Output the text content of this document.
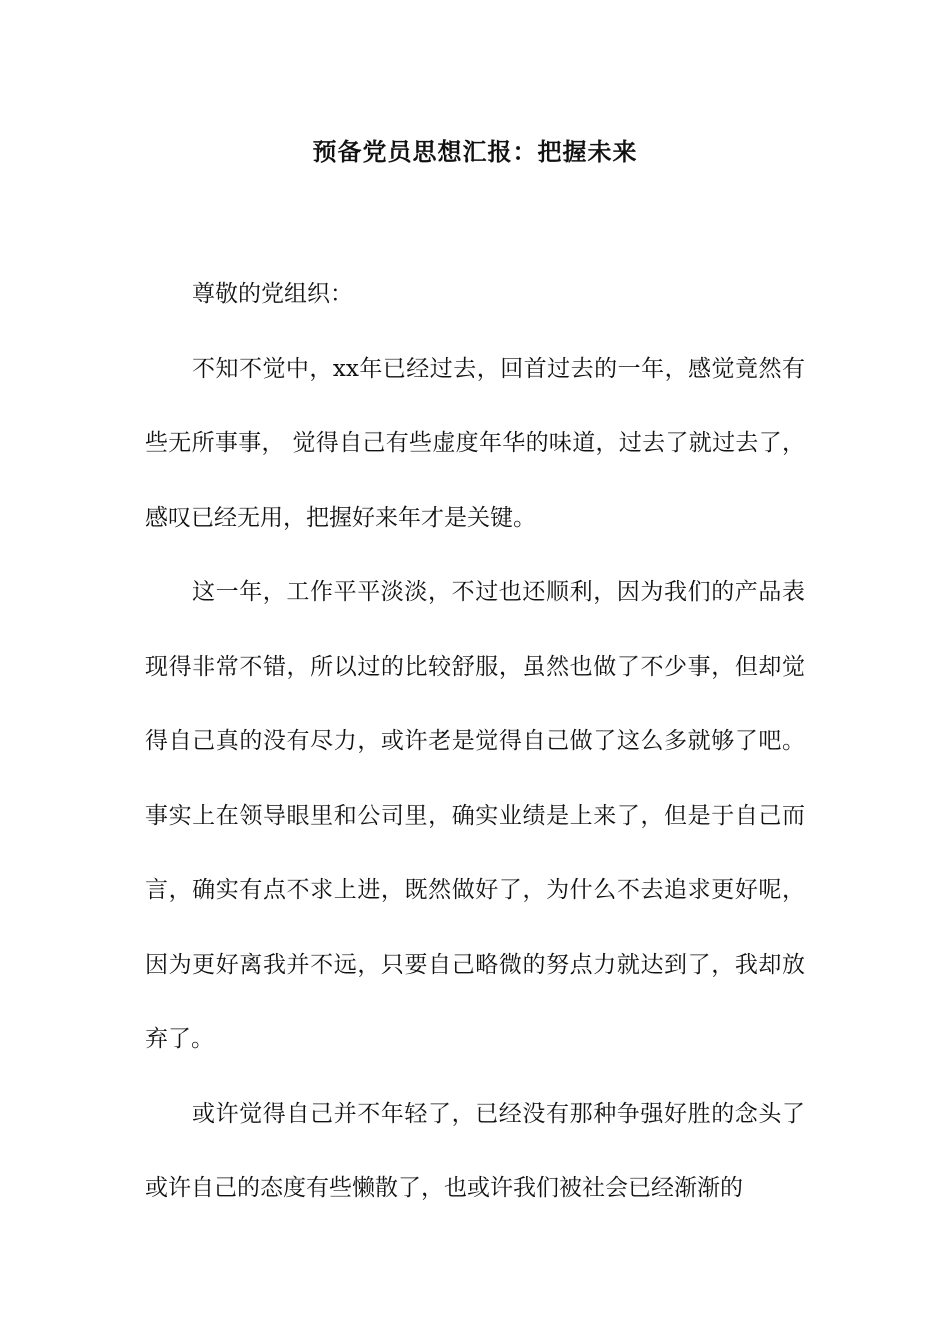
预备党员思想汇报：把握未来

尊敬的党组织：

不知不觉中，xx年已经过去，回首过去的一年，感觉竟然有些无所事事， 觉得自己有些虚度年华的味道，过去了就过去了，感叹已经无用，把握好来年才是关键。

这一年，工作平平淡淡，不过也还顺利，因为我们的产品表现得非常不错，所以过的比较舒服，虽然也做了不少事，但却觉得自己真的没有尽力，或许老是觉得自己做了这么多就够了吧。事实上在领导眼里和公司里，确实业绩是上来了，但是于自己而言，确实有点不求上进，既然做好了，为什么不去追求更好呢，因为更好离我并不远，只要自己略微的努点力就达到了，我却放弃了。

或许觉得自己并不年轻了，已经没有那种争强好胜的念头了或许自己的态度有些懒散了，也或许我们被社会已经渐渐的
